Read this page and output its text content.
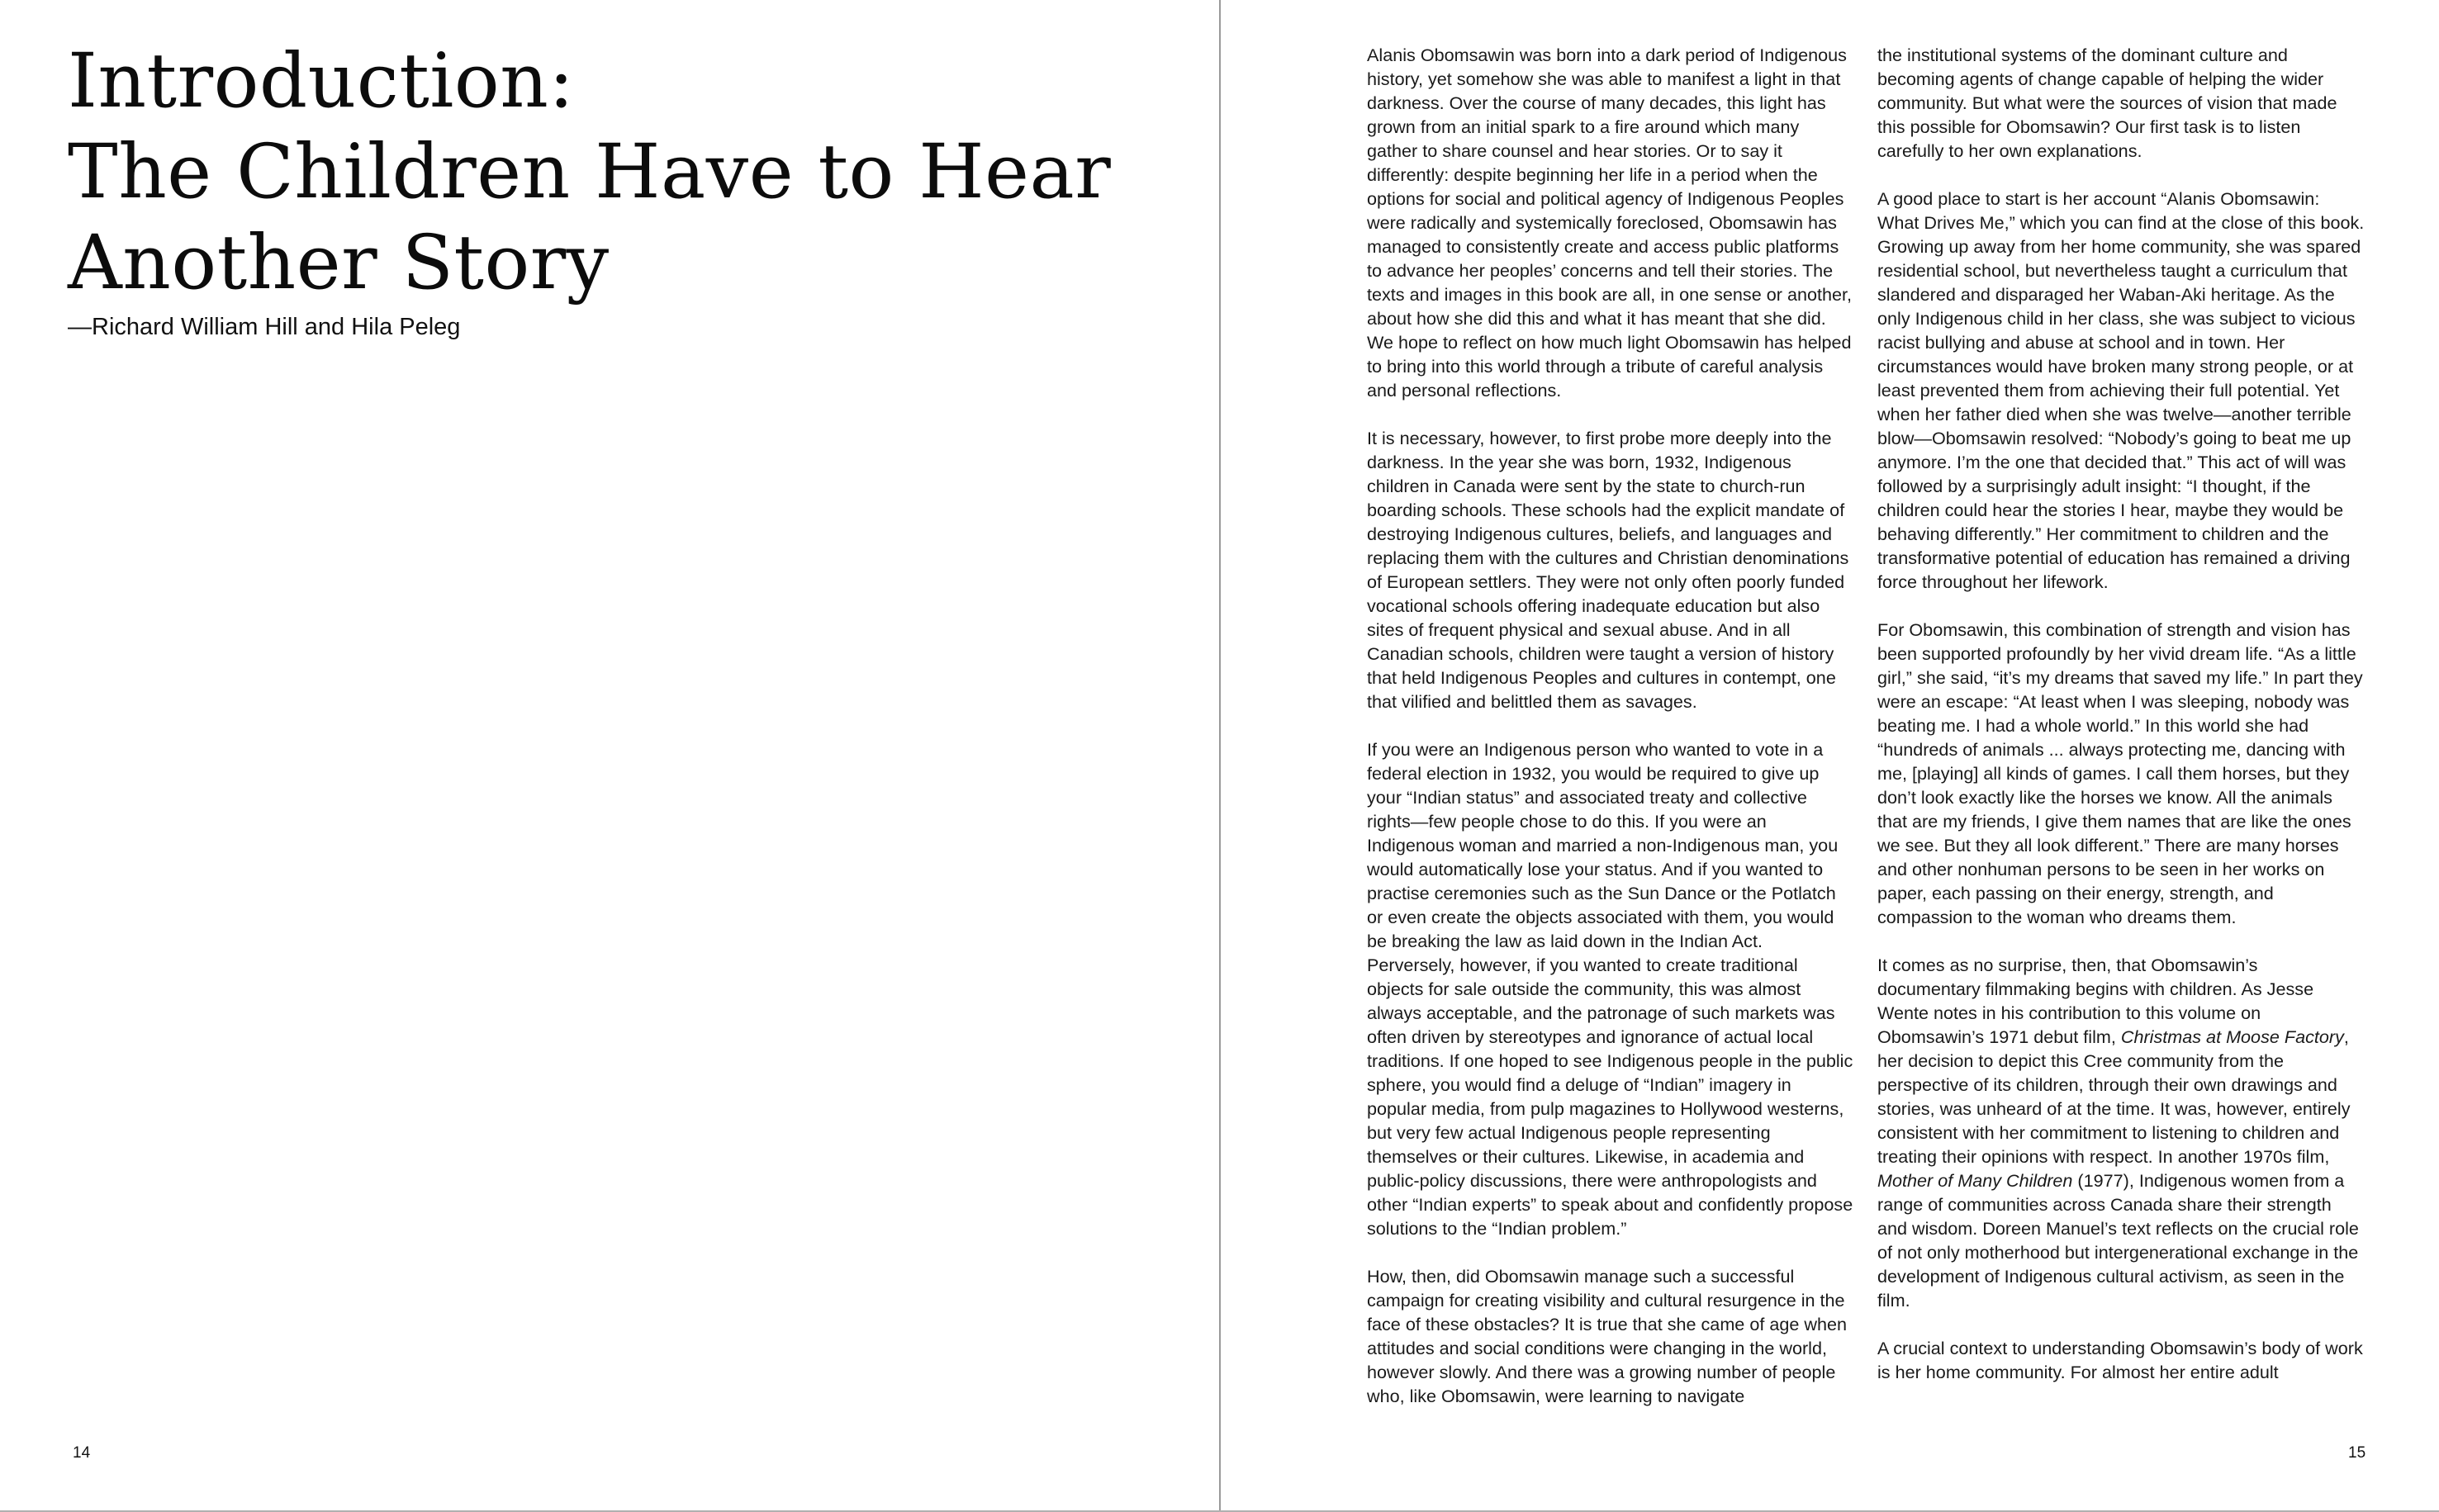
Introduction:
The Children Have to Hear
Another Story
—Richard William Hill and Hila Peleg
14	15

Alanis Obomsawin was born into a dark period of Indigenous history, yet somehow she was able to manifest a light in that darkness. Over the course of many decades, this light has grown from an initial spark to a fire around which many gather to share counsel and hear stories. Or to say it differently: despite beginning her life in a period when the options for social and political agency of Indigenous Peoples were radically and systemically foreclosed, Obomsawin has managed to consistently create and access public platforms to advance her peoples’ concerns and tell their stories. The texts and images in this book are all, in one sense or another, about how she did this and what it has meant that she did. We hope to reflect on how much light Obomsawin has helped to bring into this world through a tribute of careful analysis and personal reflections.

It is necessary, however, to first probe more deeply into the darkness. In the year she was born, 1932, Indigenous children in Canada were sent by the state to church-run boarding schools. These schools had the explicit mandate of destroying Indigenous cultures, beliefs, and languages and replacing them with the cultures and Christian denominations of European settlers. They were not only often poorly funded vocational schools offering inadequate education but also sites of frequent physical and sexual abuse. And in all Canadian schools, children were taught a version of history that held Indigenous Peoples and cultures in contempt, one that vilified and belittled them as savages.

If you were an Indigenous person who wanted to vote in a federal election in 1932, you would be required to give up your “Indian status” and associated treaty and collective rights—few people chose to do this. If you were an Indigenous woman and married a non-Indigenous man, you would automatically lose your status. And if you wanted to practise ceremonies such as the Sun Dance or the Potlatch or even create the objects associated with them, you would be breaking the law as laid down in the Indian Act. Perversely, however, if you wanted to create traditional objects for sale outside the community, this was almost always acceptable, and the patronage of such markets was often driven by stereotypes and ignorance of actual local traditions. If one hoped to see Indigenous people in the public sphere, you would find a deluge of “Indian” imagery in popular media, from pulp magazines to Hollywood westerns, but very few actual Indigenous people representing themselves or their cultures. Likewise, in academia and public-policy discussions, there were anthropologists and other “Indian experts” to speak about and confidently propose solutions to the “Indian problem.”

How, then, did Obomsawin manage such a successful campaign for creating visibility and cultural resurgence in the face of these obstacles? It is true that she came of age when attitudes and social conditions were changing in the world, however slowly. And there was a growing number of people who, like Obomsawin, were learning to navigate

the institutional systems of the dominant culture and becoming agents of change capable of helping the wider community. But what were the sources of vision that made this possible for Obomsawin? Our first task is to listen carefully to her own explanations.

A good place to start is her account “Alanis Obomsawin: What Drives Me,” which you can find at the close of this book. Growing up away from her home community, she was spared residential school, but nevertheless taught a curriculum that slandered and disparaged her Waban-Aki heritage. As the only Indigenous child in her class, she was subject to vicious racist bullying and abuse at school and in town. Her circumstances would have broken many strong people, or at least prevented them from achieving their full potential. Yet when her father died when she was twelve—another terrible blow—Obomsawin resolved: “Nobody’s going to beat me up anymore. I’m the one that decided that.” This act of will was followed by a surprisingly adult insight: “I thought, if the children could hear the stories I hear, maybe they would be behaving differently.” Her commitment to children and the transformative potential of education has remained a driving force throughout her lifework.

For Obomsawin, this combination of strength and vision has been supported profoundly by her vivid dream life. “As a little girl,” she said, “it’s my dreams that saved my life.” In part they were an escape: “At least when I was sleeping, nobody was beating me. I had a whole world.” In this world she had “hundreds of animals ... always protecting me, dancing with me, [playing] all kinds of games. I call them horses, but they don’t look exactly like the horses we know. All the animals that are my friends, I give them names that are like the ones we see. But they all look different.” There are many horses and other nonhuman persons to be seen in her works on paper, each passing on their energy, strength, and compassion to the woman who dreams them.

It comes as no surprise, then, that Obomsawin’s documentary filmmaking begins with children. As Jesse Wente notes in his contribution to this volume on Obomsawin’s 1971 debut film, Christmas at Moose Factory, her decision to depict this Cree community from the perspective of its children, through their own drawings and stories, was unheard of at the time. It was, however, entirely consistent with her commitment to listening to children and treating their opinions with respect. In another 1970s film, Mother of Many Children (1977), Indigenous women from a range of communities across Canada share their strength and wisdom. Doreen Manuel’s text reflects on the crucial role of not only motherhood but intergenerational exchange in the development of Indigenous cultural activism, as seen in the film.

A crucial context to understanding Obomsawin’s body of work is her home community. For almost her entire adult
